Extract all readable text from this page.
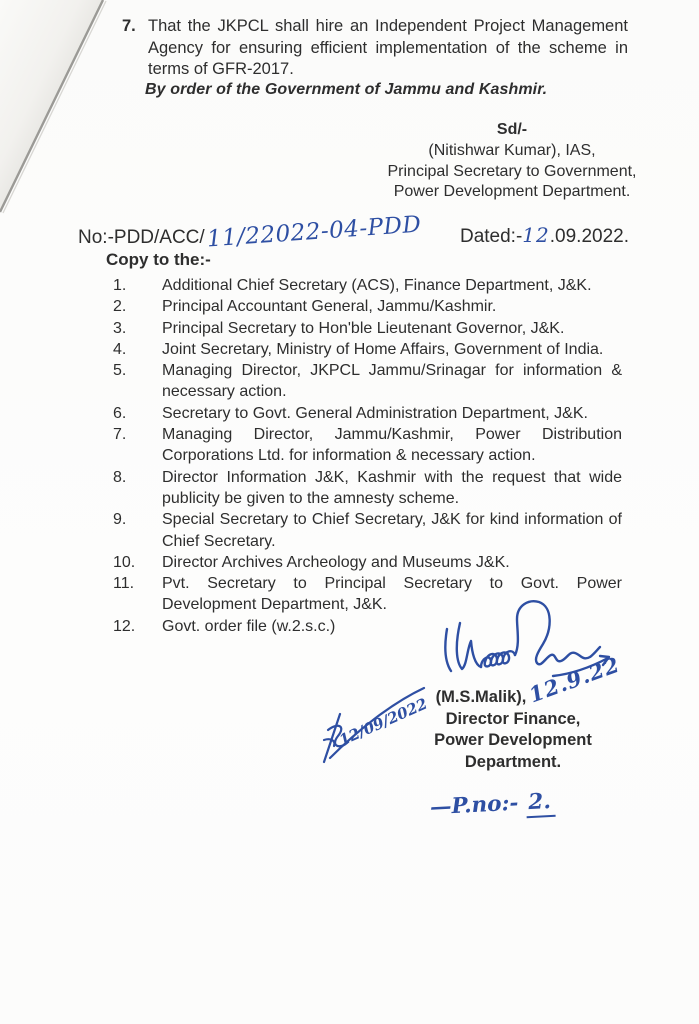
7. That the JKPCL shall hire an Independent Project Management Agency for ensuring efficient implementation of the scheme in terms of GFR-2017.
By order of the Government of Jammu and Kashmir.
Sd/-
(Nitishwar Kumar), IAS,
Principal Secretary to Government,
Power Development Department.
No:-PDD/ACC/11/22022-04-PDD Dated:-12.09.2022.
Copy to the:-
1.	Additional Chief Secretary (ACS), Finance Department, J&K.
2.	Principal Accountant General, Jammu/Kashmir.
3.	Principal Secretary to Hon'ble Lieutenant Governor, J&K.
4.	Joint Secretary, Ministry of Home Affairs, Government of India.
5.	Managing Director, JKPCL Jammu/Srinagar for information & necessary action.
6.	Secretary to Govt. General Administration Department, J&K.
7.	Managing Director, Jammu/Kashmir, Power Distribution Corporations Ltd. for information & necessary action.
8.	Director Information J&K, Kashmir with the request that wide publicity be given to the amnesty scheme.
9.	Special Secretary to Chief Secretary, J&K for kind information of Chief Secretary.
10.	Director Archives Archeology and Museums J&K.
11.	Pvt. Secretary to Principal Secretary to Govt. Power Development Department, J&K.
12.	Govt. order file (w.2.s.c.)
12.9.22
(M.S.Malik),
Director Finance,
Power Development Department.
12/09/2022
—P.no:- 2.
